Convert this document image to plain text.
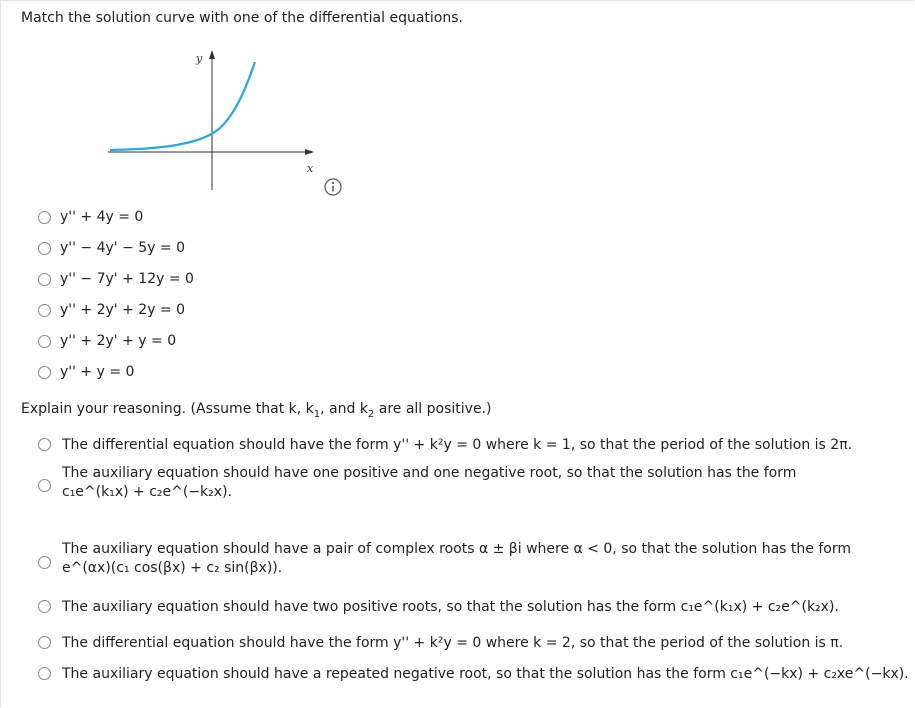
Match the solution curve with one of the differential equations.
y
x
y'' + 4y = 0
y'' − 4y' − 5y = 0
y'' − 7y' + 12y = 0
y'' + 2y' + 2y = 0
y'' + 2y' + y = 0
y'' + y = 0
Explain your reasoning. (Assume that k, $k_1$, and $k_2$ are all positive.)
The differential equation should have the form y'' + k²y = 0 where k = 1, so that the period of the solution is 2π.
The auxiliary equation should have one positive and one negative root, so that the solution has the form
c₁e^(k₁x) + c₂e^(−k₂x).
The auxiliary equation should have a pair of complex roots α ± βi where α < 0, so that the solution has the form
e^(αx)(c₁ cos(βx) + c₂ sin(βx)).
The auxiliary equation should have two positive roots, so that the solution has the form c₁e^(k₁x) + c₂e^(k₂x).
The differential equation should have the form y'' + k²y = 0 where k = 2, so that the period of the solution is π.
The auxiliary equation should have a repeated negative root, so that the solution has the form c₁e^(−kx) + c₂xe^(−kx).
